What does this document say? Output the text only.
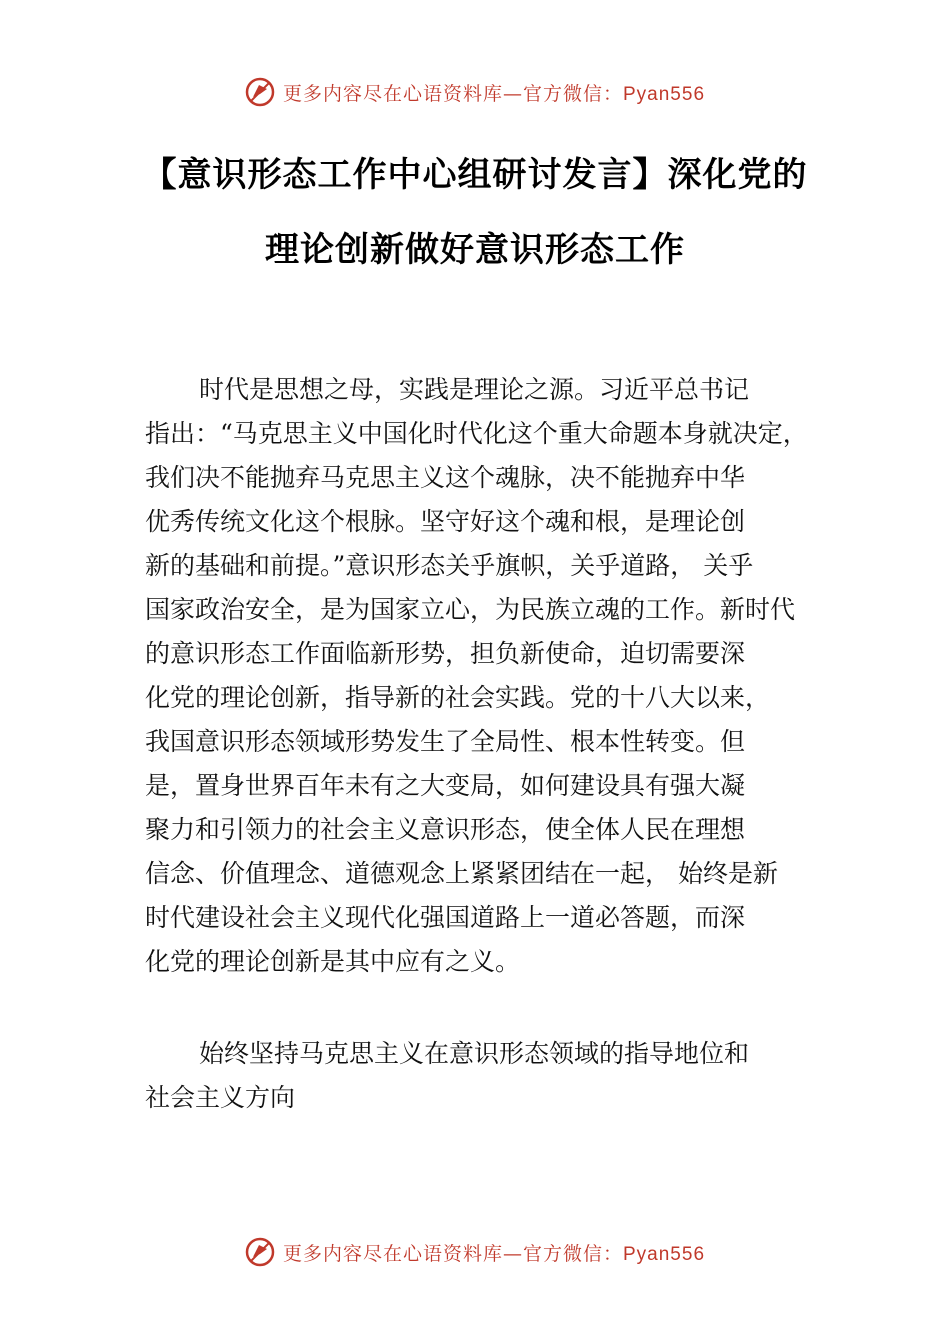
更多内容尽在心语资料库—官方微信：Pyan556
【意识形态工作中心组研讨发言】深化党的
理论创新做好意识形态工作
时代是思想之母，实践是理论之源。习近平总书记
指出：“马克思主义中国化时代化这个重大命题本身就决定，
我们决不能抛弃马克思主义这个魂脉，决不能抛弃中华
优秀传统文化这个根脉。坚守好这个魂和根，是理论创
新的基础和前提。”意识形态关乎旗帜，关乎道路， 关乎
国家政治安全，是为国家立心，为民族立魂的工作。新时代
的意识形态工作面临新形势，担负新使命，迫切需要深
化党的理论创新，指导新的社会实践。党的十八大以来，
我国意识形态领域形势发生了全局性、根本性转变。但
是，置身世界百年未有之大变局，如何建设具有强大凝
聚力和引领力的社会主义意识形态，使全体人民在理想
信念、价值理念、道德观念上紧紧团结在一起， 始终是新
时代建设社会主义现代化强国道路上一道必答题，而深
化党的理论创新是其中应有之义。
始终坚持马克思主义在意识形态领域的指导地位和
社会主义方向
更多内容尽在心语资料库—官方微信：Pyan556
